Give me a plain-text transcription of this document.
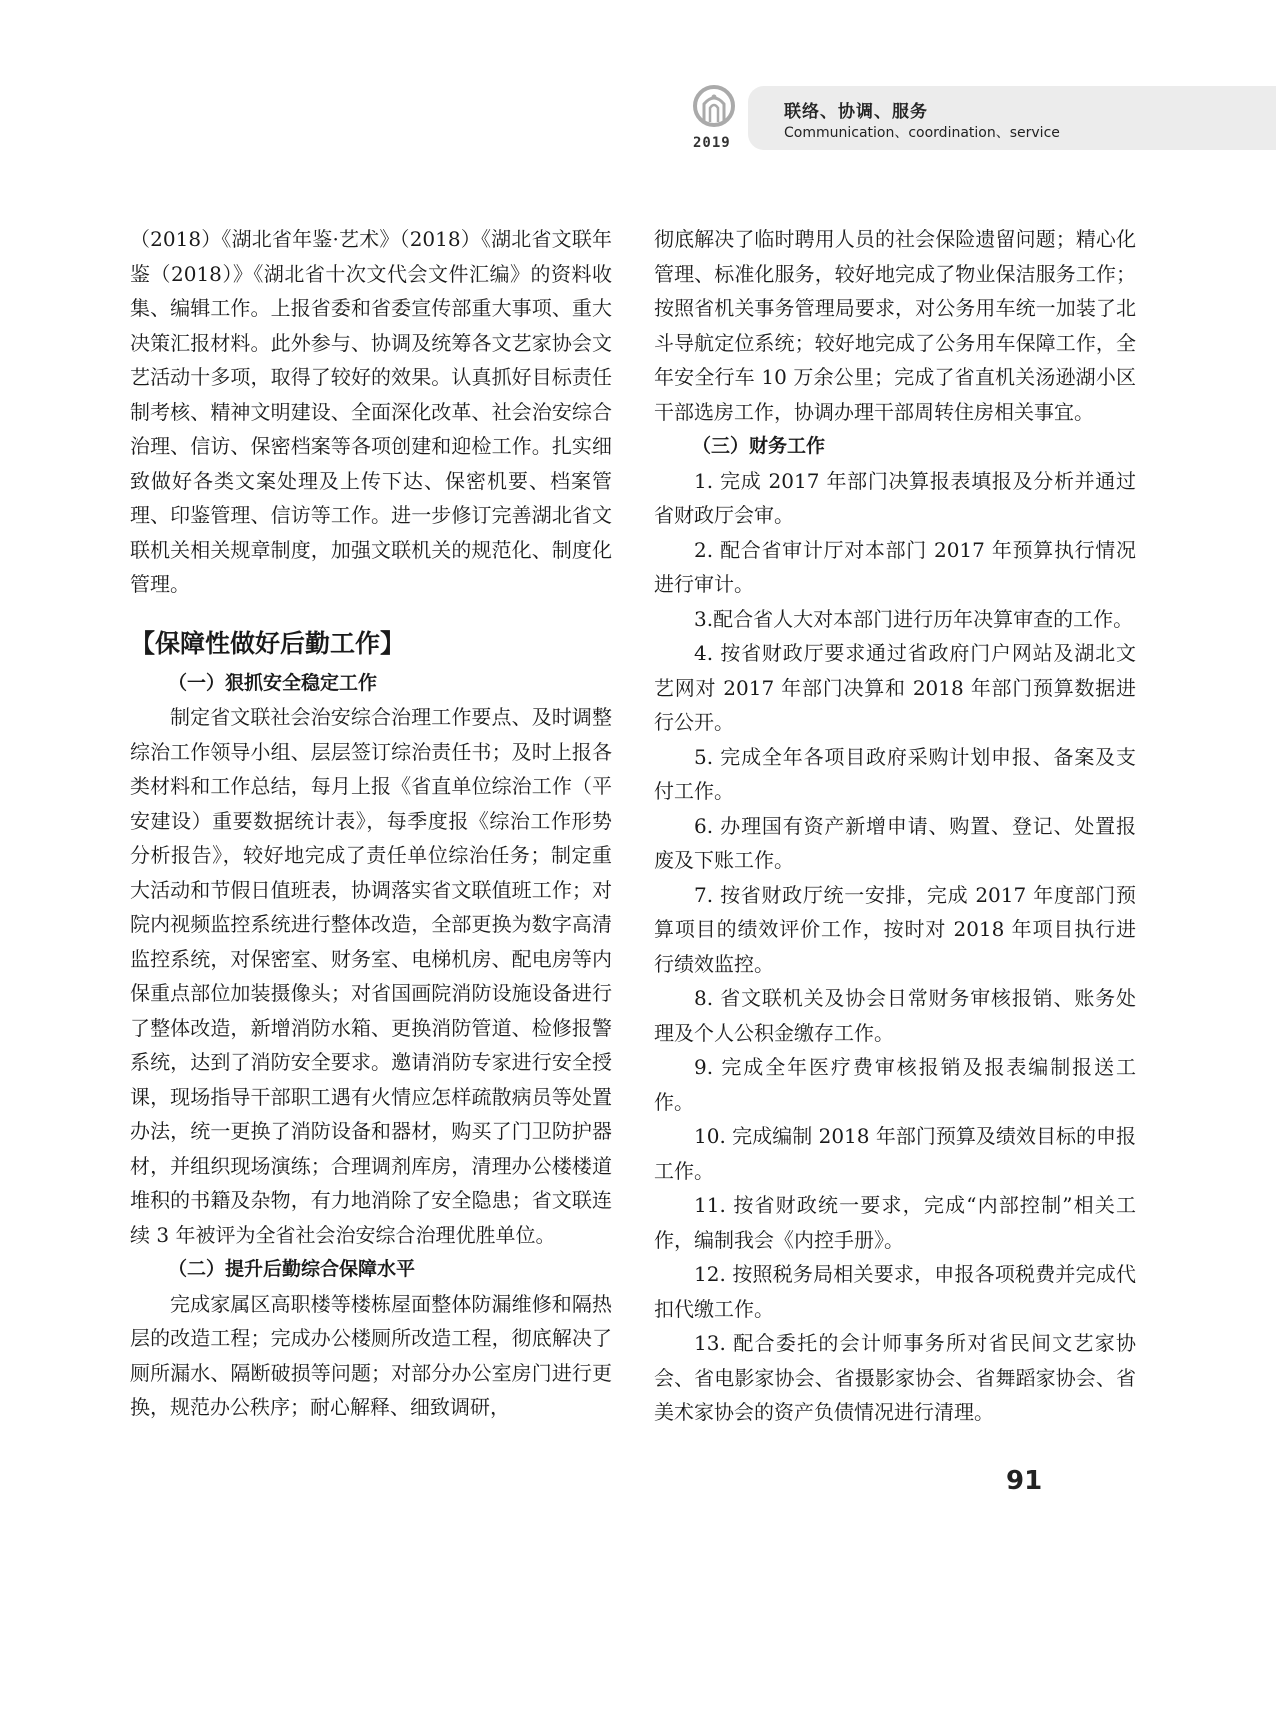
2019
联络、协调、服务
Communication、coordination、service

（2018）《湖北省年鉴·艺术》（2018）《湖北省文联年鉴（2018）》《湖北省十次文代会文件汇编》的资料收集、编辑工作。上报省委和省委宣传部重大事项、重大决策汇报材料。此外参与、协调及统筹各文艺家协会文艺活动十多项，取得了较好的效果。认真抓好目标责任制考核、精神文明建设、全面深化改革、社会治安综合治理、信访、保密档案等各项创建和迎检工作。扎实细致做好各类文案处理及上传下达、保密机要、档案管理、印鉴管理、信访等工作。进一步修订完善湖北省文联机关相关规章制度，加强文联机关的规范化、制度化管理。

【保障性做好后勤工作】

（一）狠抓安全稳定工作

制定省文联社会治安综合治理工作要点、及时调整综治工作领导小组、层层签订综治责任书；及时上报各类材料和工作总结，每月上报《省直单位综治工作（平安建设）重要数据统计表》，每季度报《综治工作形势分析报告》，较好地完成了责任单位综治任务；制定重大活动和节假日值班表，协调落实省文联值班工作；对院内视频监控系统进行整体改造，全部更换为数字高清监控系统，对保密室、财务室、电梯机房、配电房等内保重点部位加装摄像头；对省国画院消防设施设备进行了整体改造，新增消防水箱、更换消防管道、检修报警系统，达到了消防安全要求。邀请消防专家进行安全授课，现场指导干部职工遇有火情应怎样疏散病员等处置办法，统一更换了消防设备和器材，购买了门卫防护器材，并组织现场演练；合理调剂库房，清理办公楼楼道堆积的书籍及杂物，有力地消除了安全隐患；省文联连续 3 年被评为全省社会治安综合治理优胜单位。

（二）提升后勤综合保障水平

完成家属区高职楼等楼栋屋面整体防漏维修和隔热层的改造工程；完成办公楼厕所改造工程，彻底解决了厕所漏水、隔断破损等问题；对部分办公室房门进行更换，规范办公秩序；耐心解释、细致调研，

彻底解决了临时聘用人员的社会保险遗留问题；精心化管理、标准化服务，较好地完成了物业保洁服务工作；按照省机关事务管理局要求，对公务用车统一加装了北斗导航定位系统；较好地完成了公务用车保障工作，全年安全行车 10 万余公里；完成了省直机关汤逊湖小区干部选房工作，协调办理干部周转住房相关事宜。

（三）财务工作

1. 完成 2017 年部门决算报表填报及分析并通过省财政厅会审。

2. 配合省审计厅对本部门 2017 年预算执行情况进行审计。

3.配合省人大对本部门进行历年决算审查的工作。

4. 按省财政厅要求通过省政府门户网站及湖北文艺网对 2017 年部门决算和 2018 年部门预算数据进行公开。

5. 完成全年各项目政府采购计划申报、备案及支付工作。

6. 办理国有资产新增申请、购置、登记、处置报废及下账工作。

7. 按省财政厅统一安排，完成 2017 年度部门预算项目的绩效评价工作，按时对 2018 年项目执行进行绩效监控。

8. 省文联机关及协会日常财务审核报销、账务处理及个人公积金缴存工作。

9. 完成全年医疗费审核报销及报表编制报送工作。

10. 完成编制 2018 年部门预算及绩效目标的申报工作。

11. 按省财政统一要求，完成“内部控制”相关工作，编制我会《内控手册》。

12. 按照税务局相关要求，申报各项税费并完成代扣代缴工作。

13. 配合委托的会计师事务所对省民间文艺家协会、省电影家协会、省摄影家协会、省舞蹈家协会、省美术家协会的资产负债情况进行清理。

91
